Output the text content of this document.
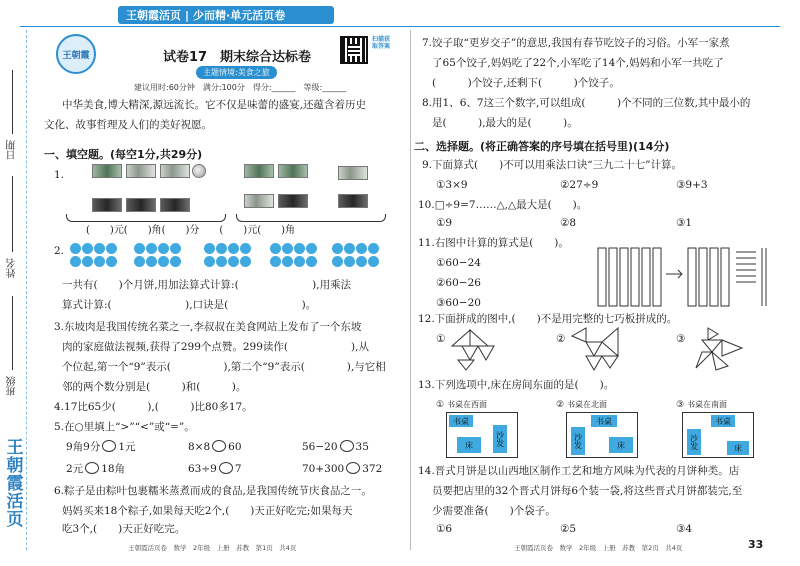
王朝霞活页 | 少而精·单元活页卷
日期
姓名
班级
王朝霞活页
王朝霞	试卷17　期末综合达标卷
扫描获取答案
主题情境:美食之旅
建议用时:60分钟　满分:100分　得分:______　等级:______
中华美食,博大精深,源远流长。它不仅是味蕾的盛宴,还蕴含着历史
文化、故事哲理及人们的美好祝愿。
一、填空题。(每空1分,共29分)
1.
(　　)元(　　)角(　　)分　　(　　)元(　　)角
2.
一共有(　　)个月饼,用加法算式计算:(　　　　　　　),用乘法
算式计算:(　　　　　　　),口诀是(　　　　　　　)。
3.东坡肉是我国传统名菜之一,李叔叔在美食网站上发布了一个东坡
肉的家庭做法视频,获得了299个点赞。299读作(　　　　　　),从
个位起,第一个“9”表示(　　　　　),第二个“9”表示(　　　　),与它相
邻的两个数分别是(　　　)和(　　　)。
4.17比65少(　　　),(　　　)比80多17。
5.在○里填上“>”“<”或“=”。
9角9分 1元	8×8 60	56−20 35
2元 18角	63÷9 7	70+300 372
6.粽子是由粽叶包裹糯米蒸煮而成的食品,是我国传统节庆食品之一。
妈妈买来18个粽子,如果每天吃2个,(　　)天正好吃完;如果每天
吃3个,(　　)天正好吃完。
王朝霞活页卷　数学　2年级　上册　苏教　第1页　共4页
7.饺子取“更岁交子”的意思,我国有春节吃饺子的习俗。小军一家煮
了65个饺子,妈妈吃了22个,小军吃了14个,妈妈和小军一共吃了
(　　　)个饺子,还剩下(　　　)个饺子。
8.用1、6、7这三个数字,可以组成(　　　)个不同的三位数,其中最小的
是(　　　),最大的是(　　　)。
二、选择题。(将正确答案的序号填在括号里)(14分)
9.下面算式(　　)不可以用乘法口诀“三九二十七”计算。
①3×9	②27÷9	③9+3
10.□÷9=7……△,△最大是(　　)。
①9	②8	③1
11.右图中计算的算式是(　　)。
①60−24
②60−26
③60−20
12.下面拼成的图中,(　　)不是用完整的七巧板拼成的。
①	②	③
13.下列选项中,床在房间东面的是(　　)。
① 书桌在西面
书桌
沙发
床
② 书桌在北面
书桌
沙发	床
③ 书桌在南面
书桌
沙发	床
14.晋式月饼是以山西地区制作工艺和地方风味为代表的月饼种类。店
员要把店里的32个晋式月饼每6个装一袋,将这些晋式月饼都装完,至
少需要准备(　　)个袋子。
①6	②5	③4
王朝霞活页卷　数学　2年级　上册　苏教　第2页　共4页	33
